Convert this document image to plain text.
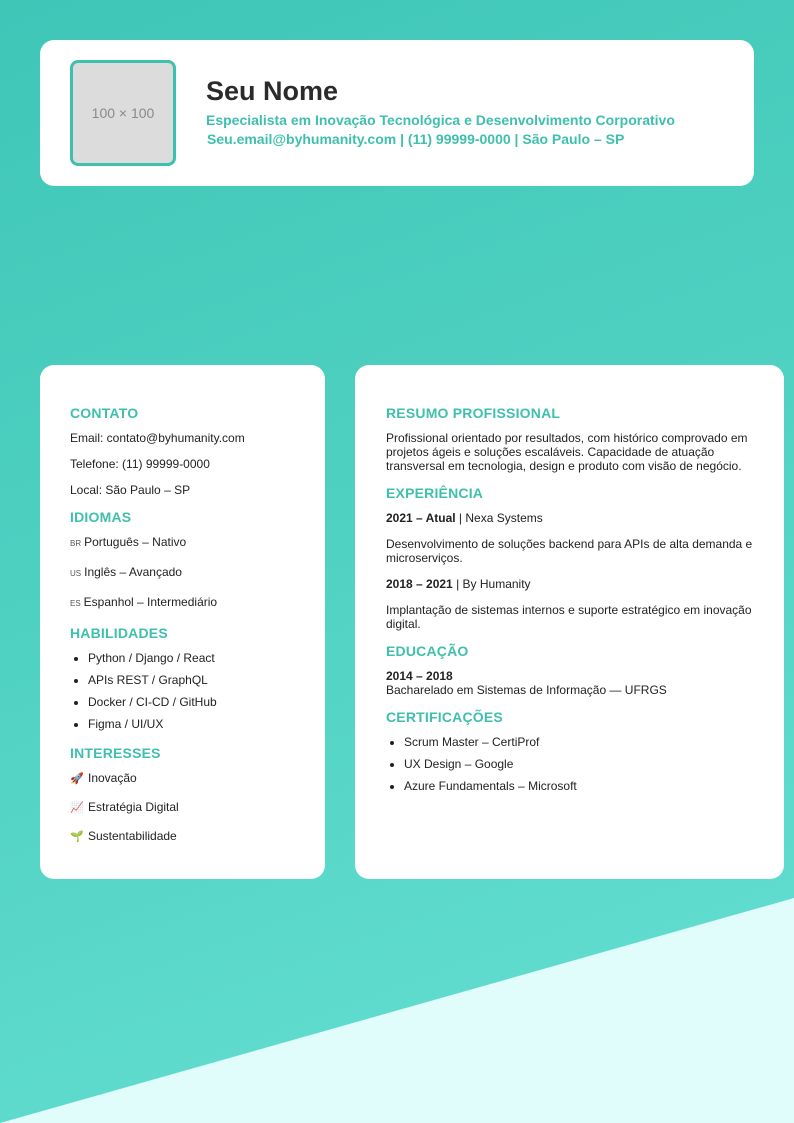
100 × 100
Seu Nome
Especialista em Inovação Tecnológica e Desenvolvimento Corporativo
Seu.email@byhumanity.com | (11) 99999-0000 | São Paulo – SP
CONTATO

Email: contato@byhumanity.com

Telefone: (11) 99999-0000

Local: São Paulo – SP

IDIOMAS

BR Português – Nativo

US Inglês – Avançado

ES Espanhol – Intermediário

HABILIDADES
• Python / Django / React
• APIs REST / GraphQL
• Docker / CI-CD / GitHub
• Figma / UI/UX
INTERESSES

🚀 Inovação

📈 Estratégia Digital

🌱 Sustentabilidade

RESUMO PROFISSIONAL

Profissional orientado por resultados, com histórico comprovado em projetos ágeis e soluções escaláveis. Capacidade de atuação transversal em tecnologia, design e produto com visão de negócio.

EXPERIÊNCIA

2021 – Atual | Nexa Systems

Desenvolvimento de soluções backend para APIs de alta demanda e microserviços.

2018 – 2021 | By Humanity

Implantação de sistemas internos e suporte estratégico em inovação digital.

EDUCAÇÃO

2014 – 2018
Bacharelado em Sistemas de Informação — UFRGS

CERTIFICAÇÕES
• Scrum Master – CertiProf
• UX Design – Google
• Azure Fundamentals – Microsoft
